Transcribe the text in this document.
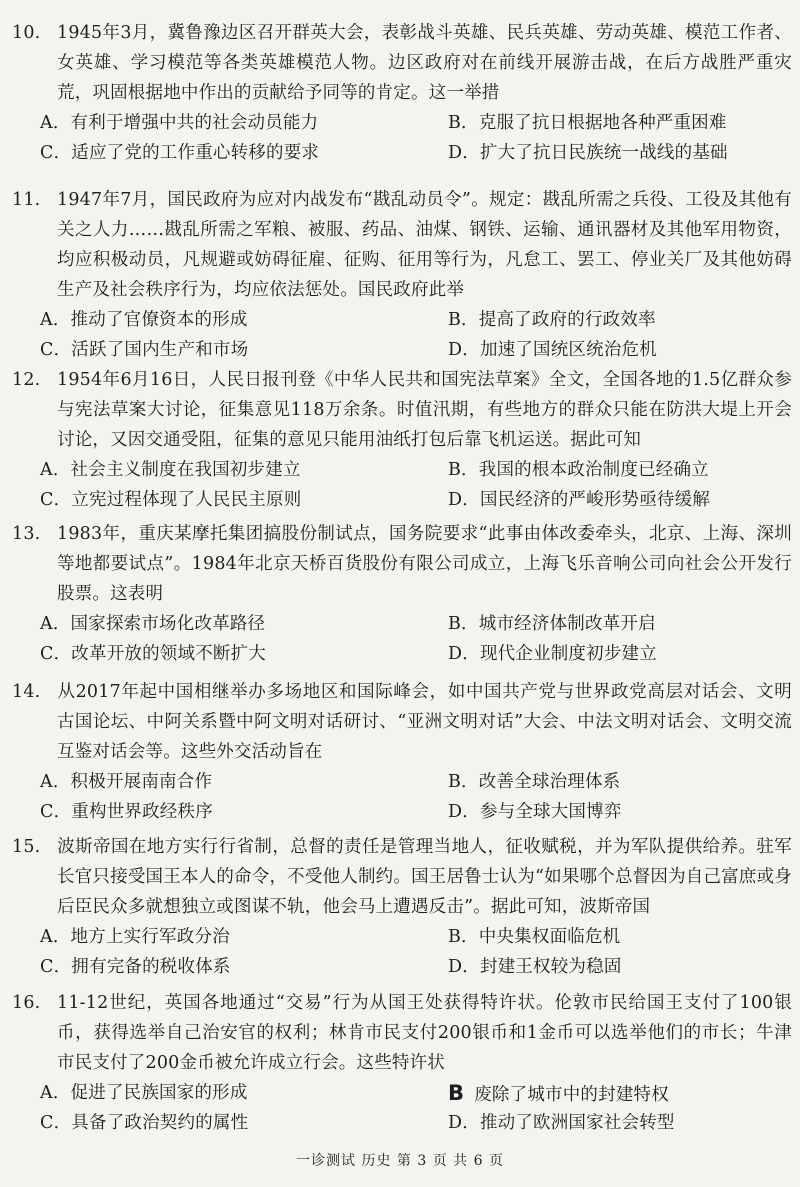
10. 1945年3月，冀鲁豫边区召开群英大会，表彰战斗英雄、民兵英雄、劳动英雄、模范工作者、女英雄、学习模范等各类英雄模范人物。边区政府对在前线开展游击战，在后方战胜严重灾荒，巩固根据地中作出的贡献给予同等的肯定。这一举措

A．有利于增强中共的社会动员能力	B．克服了抗日根据地各种严重困难
C．适应了党的工作重心转移的要求	D．扩大了抗日民族统一战线的基础

11. 1947年7月，国民政府为应对内战发布“戡乱动员令”。规定：戡乱所需之兵役、工役及其他有关之人力……戡乱所需之军粮、被服、药品、油煤、钢铁、运输、通讯器材及其他军用物资，均应积极动员，凡规避或妨碍征雇、征购、征用等行为，凡怠工、罢工、停业关厂及其他妨碍生产及社会秩序行为，均应依法惩处。国民政府此举

A．推动了官僚资本的形成	B．提高了政府的行政效率
C．活跃了国内生产和市场	D．加速了国统区统治危机

12. 1954年6月16日，人民日报刊登《中华人民共和国宪法草案》全文，全国各地的1.5亿群众参与宪法草案大讨论，征集意见118万余条。时值汛期，有些地方的群众只能在防洪大堤上开会讨论，又因交通受阻，征集的意见只能用油纸打包后靠飞机运送。据此可知

A．社会主义制度在我国初步建立	B．我国的根本政治制度已经确立
C．立宪过程体现了人民民主原则	D．国民经济的严峻形势亟待缓解

13. 1983年，重庆某摩托集团搞股份制试点，国务院要求“此事由体改委牵头，北京、上海、深圳等地都要试点”。1984年北京天桥百货股份有限公司成立，上海飞乐音响公司向社会公开发行股票。这表明

A．国家探索市场化改革路径	B．城市经济体制改革开启
C．改革开放的领域不断扩大	D．现代企业制度初步建立

14. 从2017年起中国相继举办多场地区和国际峰会，如中国共产党与世界政党高层对话会、文明古国论坛、中阿关系暨中阿文明对话研讨、“亚洲文明对话”大会、中法文明对话会、文明交流互鉴对话会等。这些外交活动旨在

A．积极开展南南合作	B．改善全球治理体系
C．重构世界政经秩序	D．参与全球大国博弈

15. 波斯帝国在地方实行行省制，总督的责任是管理当地人，征收赋税，并为军队提供给养。驻军长官只接受国王本人的命令，不受他人制约。国王居鲁士认为“如果哪个总督因为自己富庶或身后臣民众多就想独立或图谋不轨，他会马上遭遇反击”。据此可知，波斯帝国

A．地方上实行军政分治	B．中央集权面临危机
C．拥有完备的税收体系	D．封建王权较为稳固

16. 11-12世纪，英国各地通过“交易”行为从国王处获得特许状。伦敦市民给国王支付了100银币，获得选举自己治安官的权利；林肯市民支付200银币和1金币可以选举他们的市长；牛津市民支付了200金币被允许成立行会。这些特许状

A．促进了民族国家的形成	B 废除了城市中的封建特权
C．具备了政治契约的属性	D．推动了欧洲国家社会转型
一诊测试 历史 第 3 页 共 6 页
